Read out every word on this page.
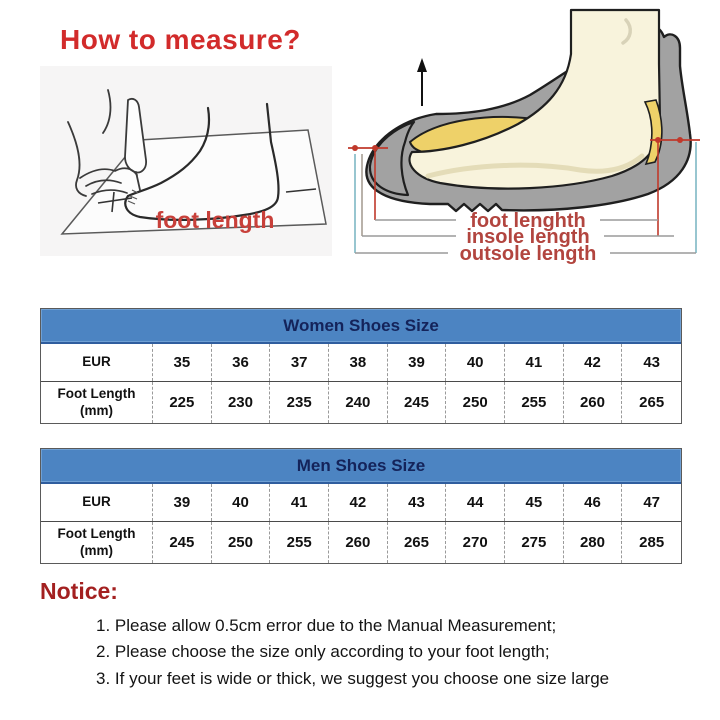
How to measure?
foot length	foot lenghth
insole length
outsole length
Women Shoes Size
EUR	35	36	37	38	39	40	41	42	43
Foot Length (mm)	225	230	235	240	245	250	255	260	265
Men Shoes Size
EUR	39	40	41	42	43	44	45	46	47
Foot Length (mm)	245	250	255	260	265	270	275	280	285
Notice:
1. Please allow 0.5cm error due to the Manual Measurement;
2. Please choose the size only according to your foot length;
3. If your feet is wide or thick, we suggest you choose one size large
